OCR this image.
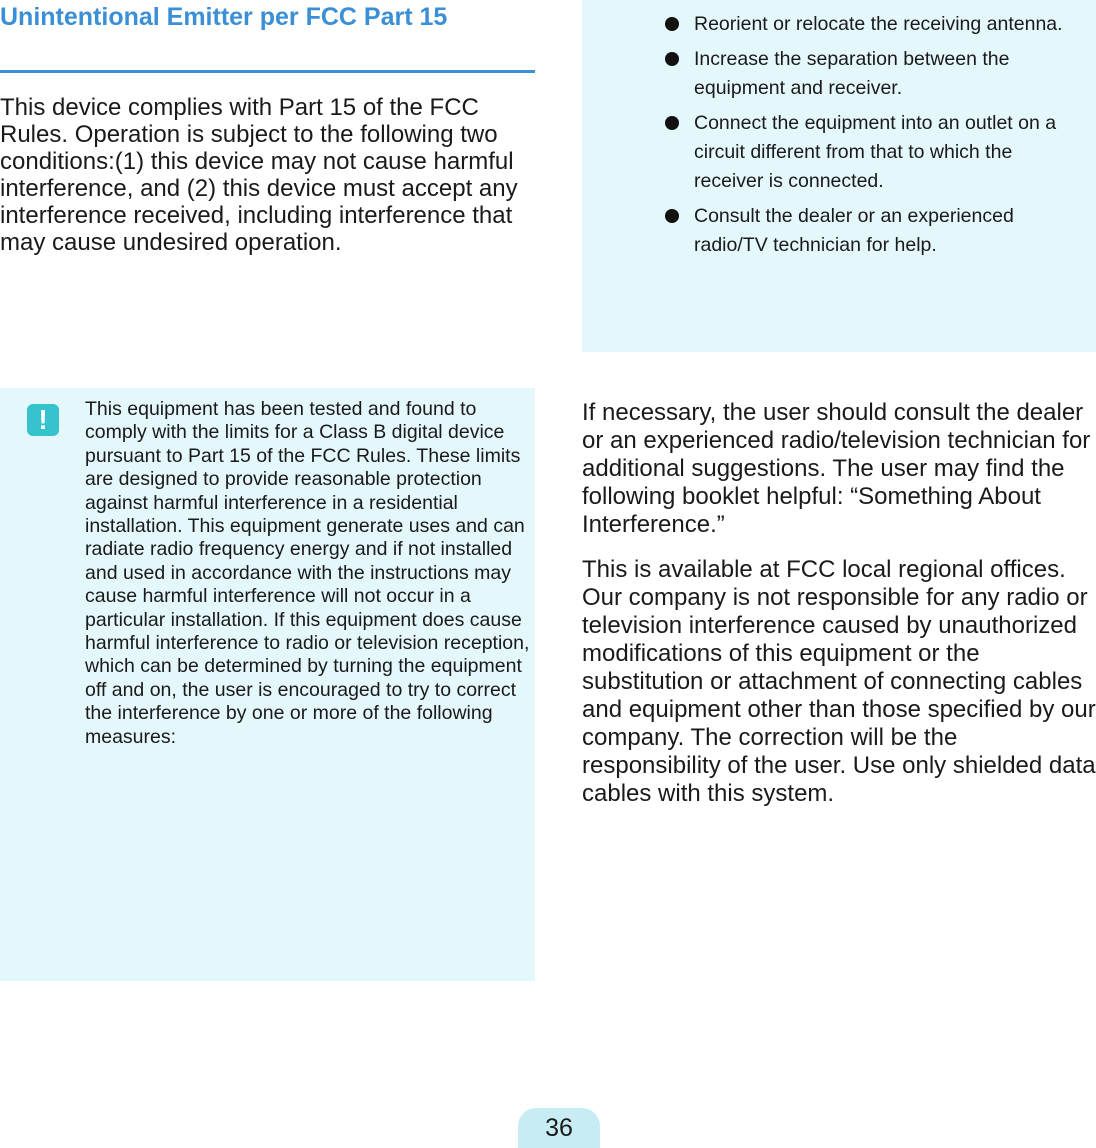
Unintentional Emitter per FCC Part 15

This device complies with Part 15 of the FCC Rules. Operation is subject to the following two conditions:(1) this device may not cause harmful interference, and (2) this device must accept any interference received, including interference that may cause undesired operation.

!	This equipment has been tested and found to comply with the limits for a Class B digital device pursuant to Part 15 of the FCC Rules. These limits are designed to provide reasonable protection against harmful interference in a residential installation. This equipment generate uses and can radiate radio frequency energy and if not installed and used in accordance with the instructions may cause harmful interference will not occur in a particular installation. If this equipment does cause harmful interference to radio or television reception, which can be determined by turning the equipment off and on, the user is encouraged to try to correct the interference by one or more of the following measures:

Reorient or relocate the receiving antenna.
Increase the separation between the equipment and receiver.
Connect the equipment into an outlet on a circuit different from that to which the receiver is connected.
Consult the dealer or an experienced radio/TV technician for help.

If necessary, the user should consult the dealer or an experienced radio/television technician for additional suggestions. The user may find the following booklet helpful: “Something About Interference.”

This is available at FCC local regional offices. Our company is not responsible for any radio or television interference caused by unauthorized modifications of this equipment or the substitution or attachment of connecting cables and equipment other than those specified by our company. The correction will be the responsibility of the user. Use only shielded data cables with this system.

36
